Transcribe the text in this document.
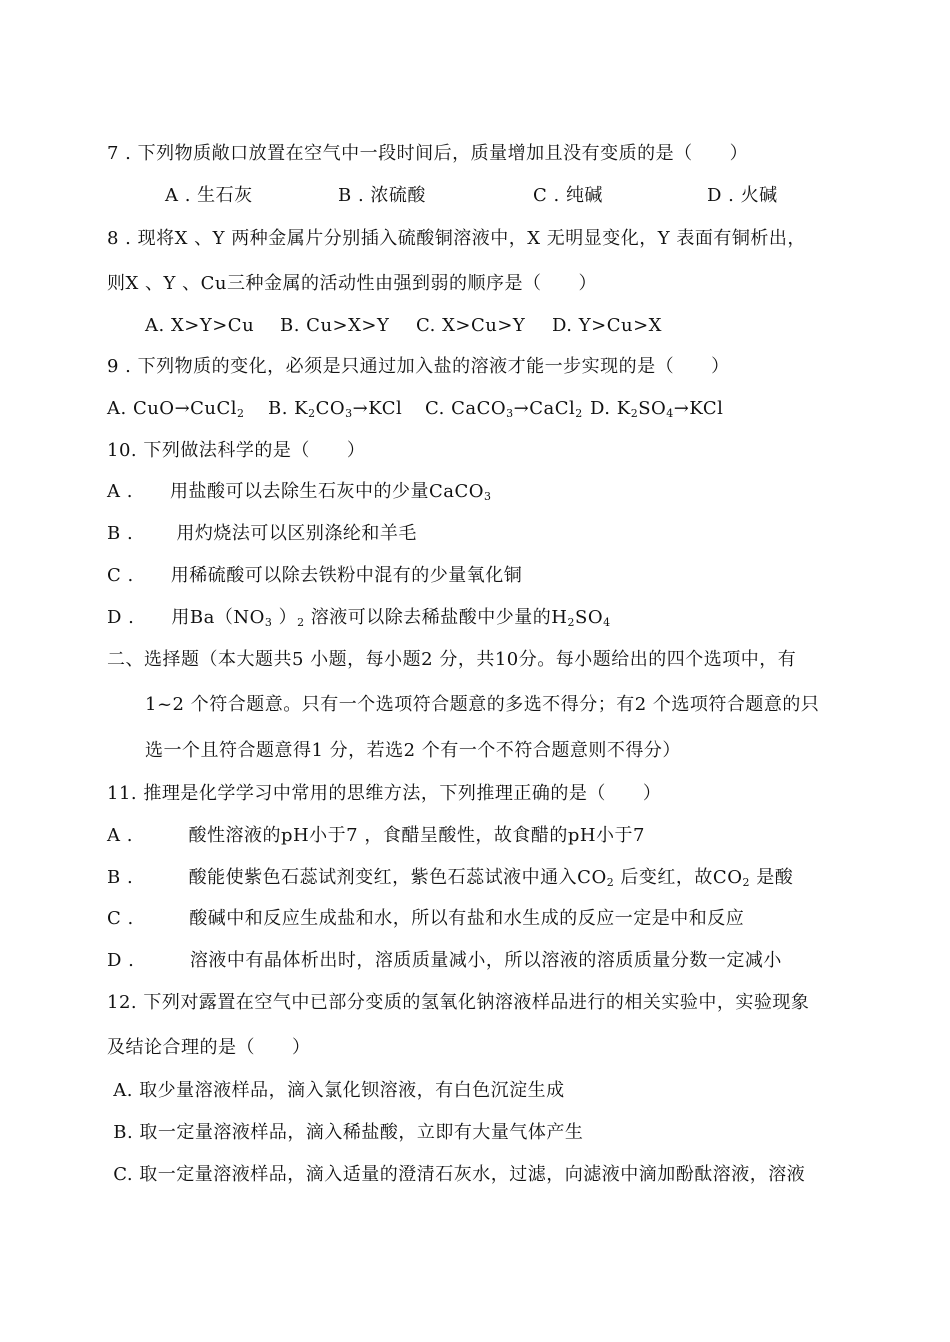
7 . 下列物质敞口放置在空气中一段时间后，质量增加且没有变质的是（　　）
A . 生石灰	B . 浓硫酸	C . 纯碱	D . 火碱
8 . 现将X 、Y 两种金属片分别插入硫酸铜溶液中，X 无明显变化，Y 表面有铜析出，
则X 、Y 、Cu三种金属的活动性由强到弱的顺序是（　　）
A. X>Y>Cu B. Cu>X>Y C. X>Cu>Y D. Y>Cu>X
9 . 下列物质的变化，必须是只通过加入盐的溶液才能一步实现的是（　　）
A. CuO→CuCl$_2$ B. $K_2CO_3\to KCl$ C. CaCO$_3$→CaCl$_2$ D. $K_2SO_4\to KCl$
10. 下列做法科学的是（　　）
A .　　用盐酸可以去除生石灰中的少量CaCO$_3$
B .　　 用灼烧法可以区别涤纶和羊毛
C .　　用稀硫酸可以除去铁粉中混有的少量氧化铜
D .　　用$Ba(NO_3$ ）$_2$ 溶液可以除去稀盐酸中少量的$H_2SO_4$
二、选择题（本大题共5 小题，每小题2 分，共10分。每小题给出的四个选项中，有
1~2 个符合题意。只有一个选项符合题意的多选不得分；有2 个选项符合题意的只
选一个且符合题意得1 分，若选2 个有一个不符合题意则不得分）
11. 推理是化学学习中常用的思维方法，下列推理正确的是（　　）
A .　　　酸性溶液的pH小于7 ，食醋呈酸性，故食醋的pH小于7
B .　　　酸能使紫色石蕊试剂变红，紫色石蕊试液中通入$CO_2$ 后变红，故$CO_2$ 是酸
C .　　　酸碱中和反应生成盐和水，所以有盐和水生成的反应一定是中和反应
D .　　　溶液中有晶体析出时，溶质质量减小，所以溶液的溶质质量分数一定减小
12. 下列对露置在空气中已部分变质的氢氧化钠溶液样品进行的相关实验中，实验现象
及结论合理的是（　　）
A. 取少量溶液样品，滴入氯化钡溶液，有白色沉淀生成
B. 取一定量溶液样品，滴入稀盐酸，立即有大量气体产生
C. 取一定量溶液样品，滴入适量的澄清石灰水，过滤，向滤液中滴加酚酞溶液，溶液
